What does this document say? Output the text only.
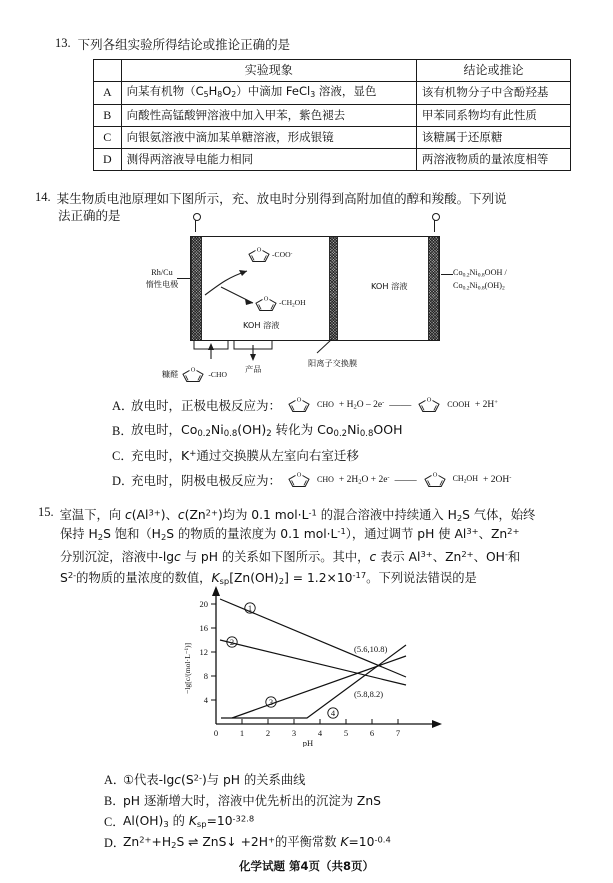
13. 下列各组实验所得结论或推论正确的是
	实验现象	结论或推论
A	向某有机物$(C_5H_8O_2)$中滴加 FeCl$_3$ 溶液，显色	该有机物分子中含酚羟基
B	向酸性高锰酸钾溶液中加入甲苯，紫色褪去	甲苯同系物均有此性质
C	向银氨溶液中滴加某单糖溶液，形成银镜	该糖属于还原糖
D	测得两溶液导电能力相同	两溶液物质的量浓度相等
14. 某生物质电池原理如下图所示，充、放电时分别得到高附加值的醇和羧酸。下列说
法正确的是
O
-COO-
O $-CH_2OH$
KOH 溶液
KOH 溶液
Rh/Cu
惰性电极
$Co_{0.2}Ni_{0.8}OOH$ /
$Co_{0.2}Ni_{0.8}(OH)_2$
糠醛 O
-CHO
产品
阳离子交换膜
A．
放电时，正极电极反应为： O
CHO + $H_2O - 2e^-$ —— O
COOH + 2H+
B．
放电时，$Co_{0.2}Ni_{0.8}(OH)_2$ 转化为 $Co_{0.2}Ni_{0.8}OOH$
C．
充电时，K+通过交换膜从左室向右室迁移
D．
充电时，阴极电极反应为： O
CHO + $2H_2O + 2e^-$ —— O $CH_2OH + 2OH^-$
15. 室温下，向 $c(Al^{3+})$、$c(Zn^{2+})$均为 0.1 $mol\cdot L^{-1}$ 的混合溶液中持续通入 $H_2S$ 气体，始终
保持 $H_2S$ 饱和（$H_2S$ 的物质的量浓度为 0.1 $mol\cdot L^{-1}$），通过调节 pH 使 $Al^{3+}$、$Zn^{2+}$
分别沉淀，溶液中-lgc 与 pH 的关系如下图所示。其中，c 表示 $Al^{3+}$、$Zn^{2+}$、OH-和
$S^{2-}$的物质的量浓度的数值，$K_{sp}[Zn(OH)_2] = 1.2\times 10^{-17}$。下列说法错误的是
0	1	2	3	4	5	6	7
pH
4
8
12
16
20
−lg[c/(mol·L⁻¹)]
1
2
3
4
(5.6,10.8)
(5.8,8.2)
A．
①代表$-\lg c(S^{2-})$与 pH 的关系曲线
B．
pH 逐渐增大时，溶液中优先析出的沉淀为 ZnS
C．
$Al(OH)_3$ 的 $K_{sp}=10^{-32.8}$
D．
$Zn^{2+}+H_2S$ ⇌ ZnS↓ +2H+的平衡常数 $K=10^{-0.4}$
化学试题 第4页（共8页）
